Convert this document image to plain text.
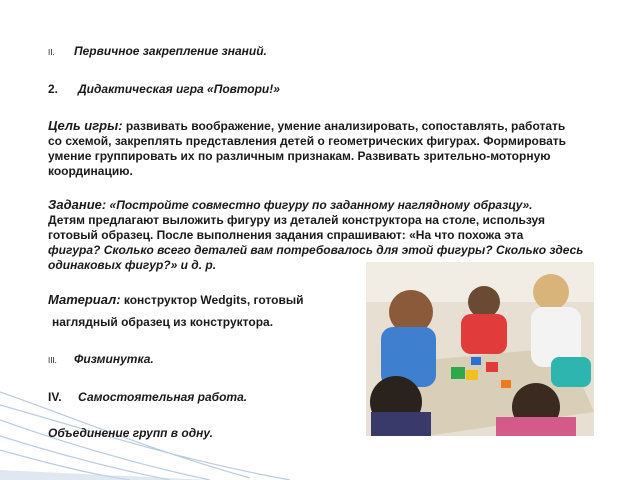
II. Первичное закрепление знаний.

2. Дидактическая игра «Повтори!»

Цель игры: развивать воображение, умение анализировать, сопоставлять, работать
со схемой, закреплять представления детей о геометрических фигурах. Формировать
умение группировать их по различным признакам. Развивать зрительно-моторную
координацию.
Задание: «Постройте совместно фигуру по заданному наглядному образцу».
Детям предлагают выложить фигуру из деталей конструктора на столе, используя
готовый образец. После выполнения задания спрашивают: «На что похожа эта
фигура? Сколько всего деталей вам потребовалось для этой фигуры? Сколько здесь
одинаковых фигур?» и д. р.

Материал: конструктор Wedgits, готовый

наглядный образец из конструктора.

III. Физминутка.

IV. Самостоятельная работа.

Объединение групп в одну.
